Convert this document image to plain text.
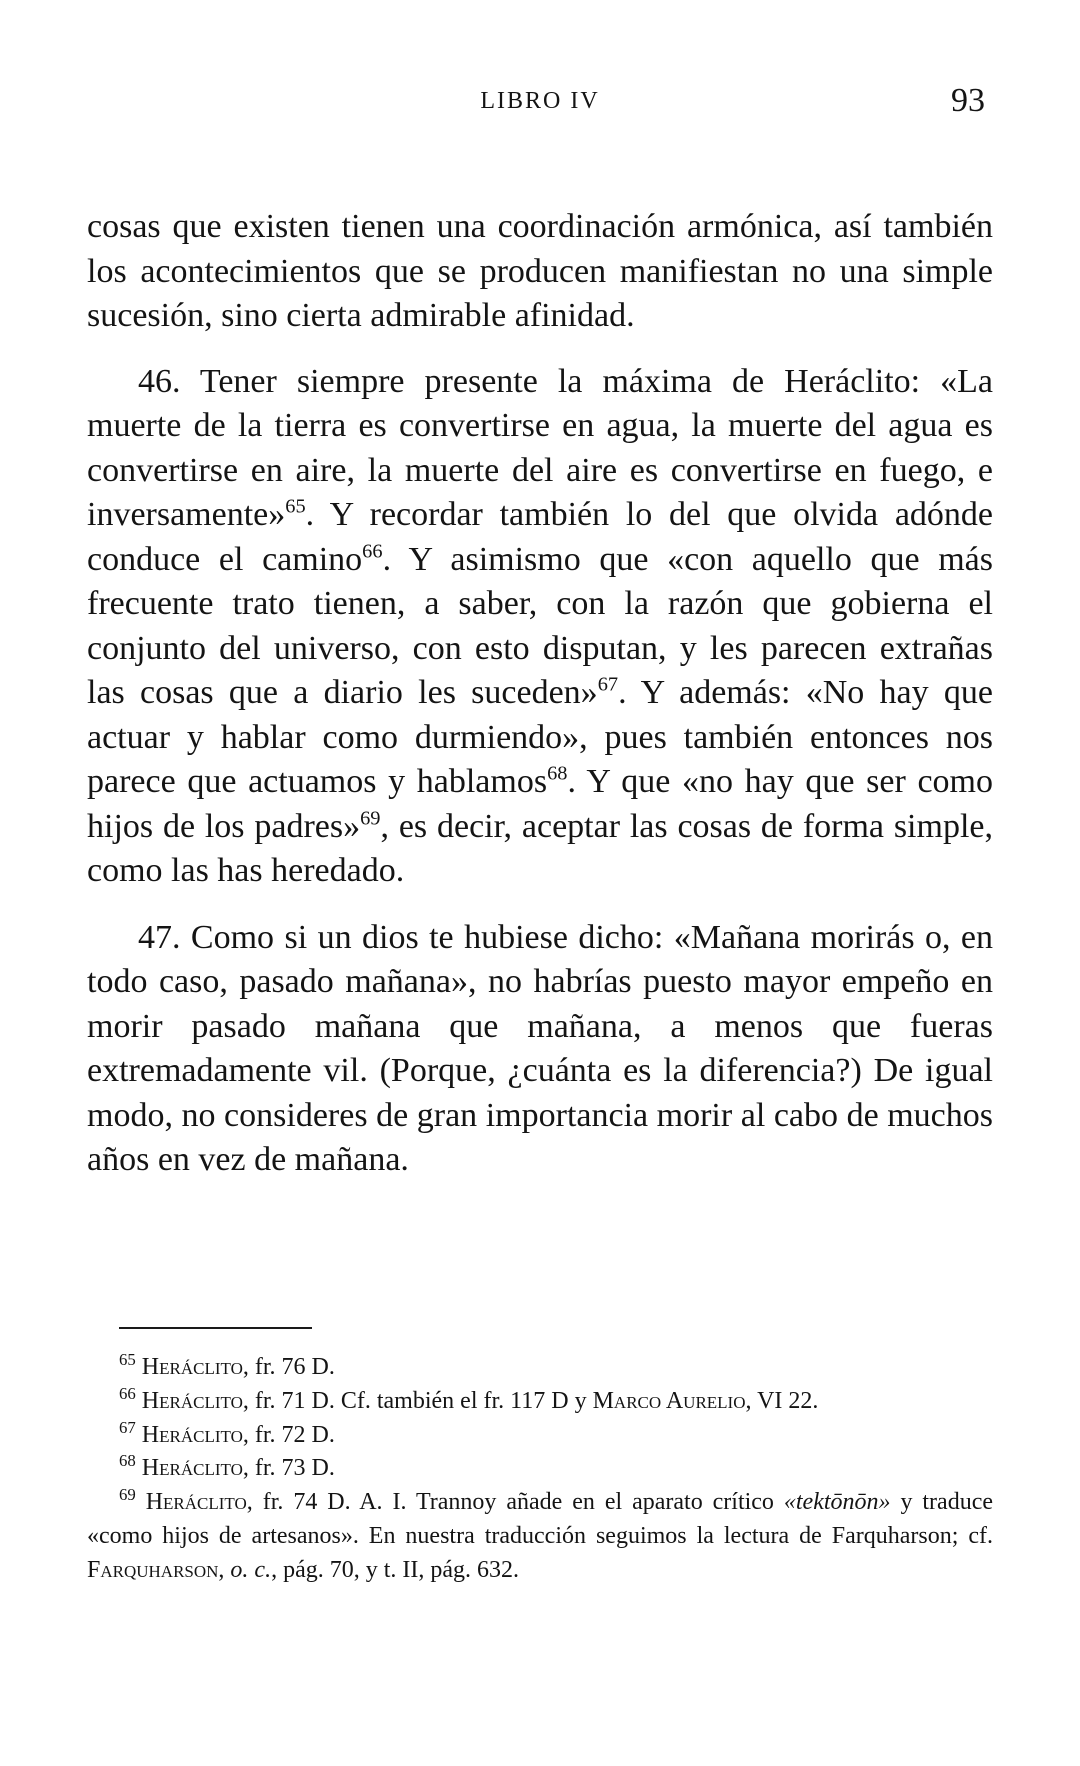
LIBRO IV	93

cosas que existen tienen una coordinación armónica, así también los acontecimientos que se producen manifiestan no una simple sucesión, sino cierta admirable afinidad.

46. Tener siempre presente la máxima de Heráclito: «La muerte de la tierra es convertirse en agua, la muerte del agua es convertirse en aire, la muerte del aire es convertirse en fuego, e inversamente»$^{65}$. Y recordar también lo del que olvida adónde conduce el camino$^{66}$. Y asimismo que «con aquello que más frecuente trato tienen, a saber, con la razón que gobierna el conjunto del universo, con esto disputan, y les parecen extrañas las cosas que a diario les suceden»$^{67}$. Y además: «No hay que actuar y hablar como durmiendo», pues también entonces nos parece que actuamos y hablamos$^{68}$. Y que «no hay que ser como hijos de los padres»$^{69}$, es decir, aceptar las cosas de forma simple, como las has heredado.

47. Como si un dios te hubiese dicho: «Mañana morirás o, en todo caso, pasado mañana», no habrías puesto mayor empeño en morir pasado mañana que mañana, a menos que fueras extremadamente vil. (Porque, ¿cuánta es la diferencia?) De igual modo, no consideres de gran importancia morir al cabo de muchos años en vez de mañana.

$^{65}$ Heráclito, fr. 76 D.

$^{66}$ Heráclito, fr. 71 D. Cf. también el fr. 117 D y Marco Aurelio, VI 22.

$^{67}$ Heráclito, fr. 72 D.

$^{68}$ Heráclito, fr. 73 D.

$^{69}$ Heráclito, fr. 74 D. A. I. Trannoy añade en el aparato crítico «tektōnōn» y traduce «como hijos de artesanos». En nuestra traducción seguimos la lectura de Farquharson; cf. Farquharson, o. c., pág. 70, y t. II, pág. 632.
